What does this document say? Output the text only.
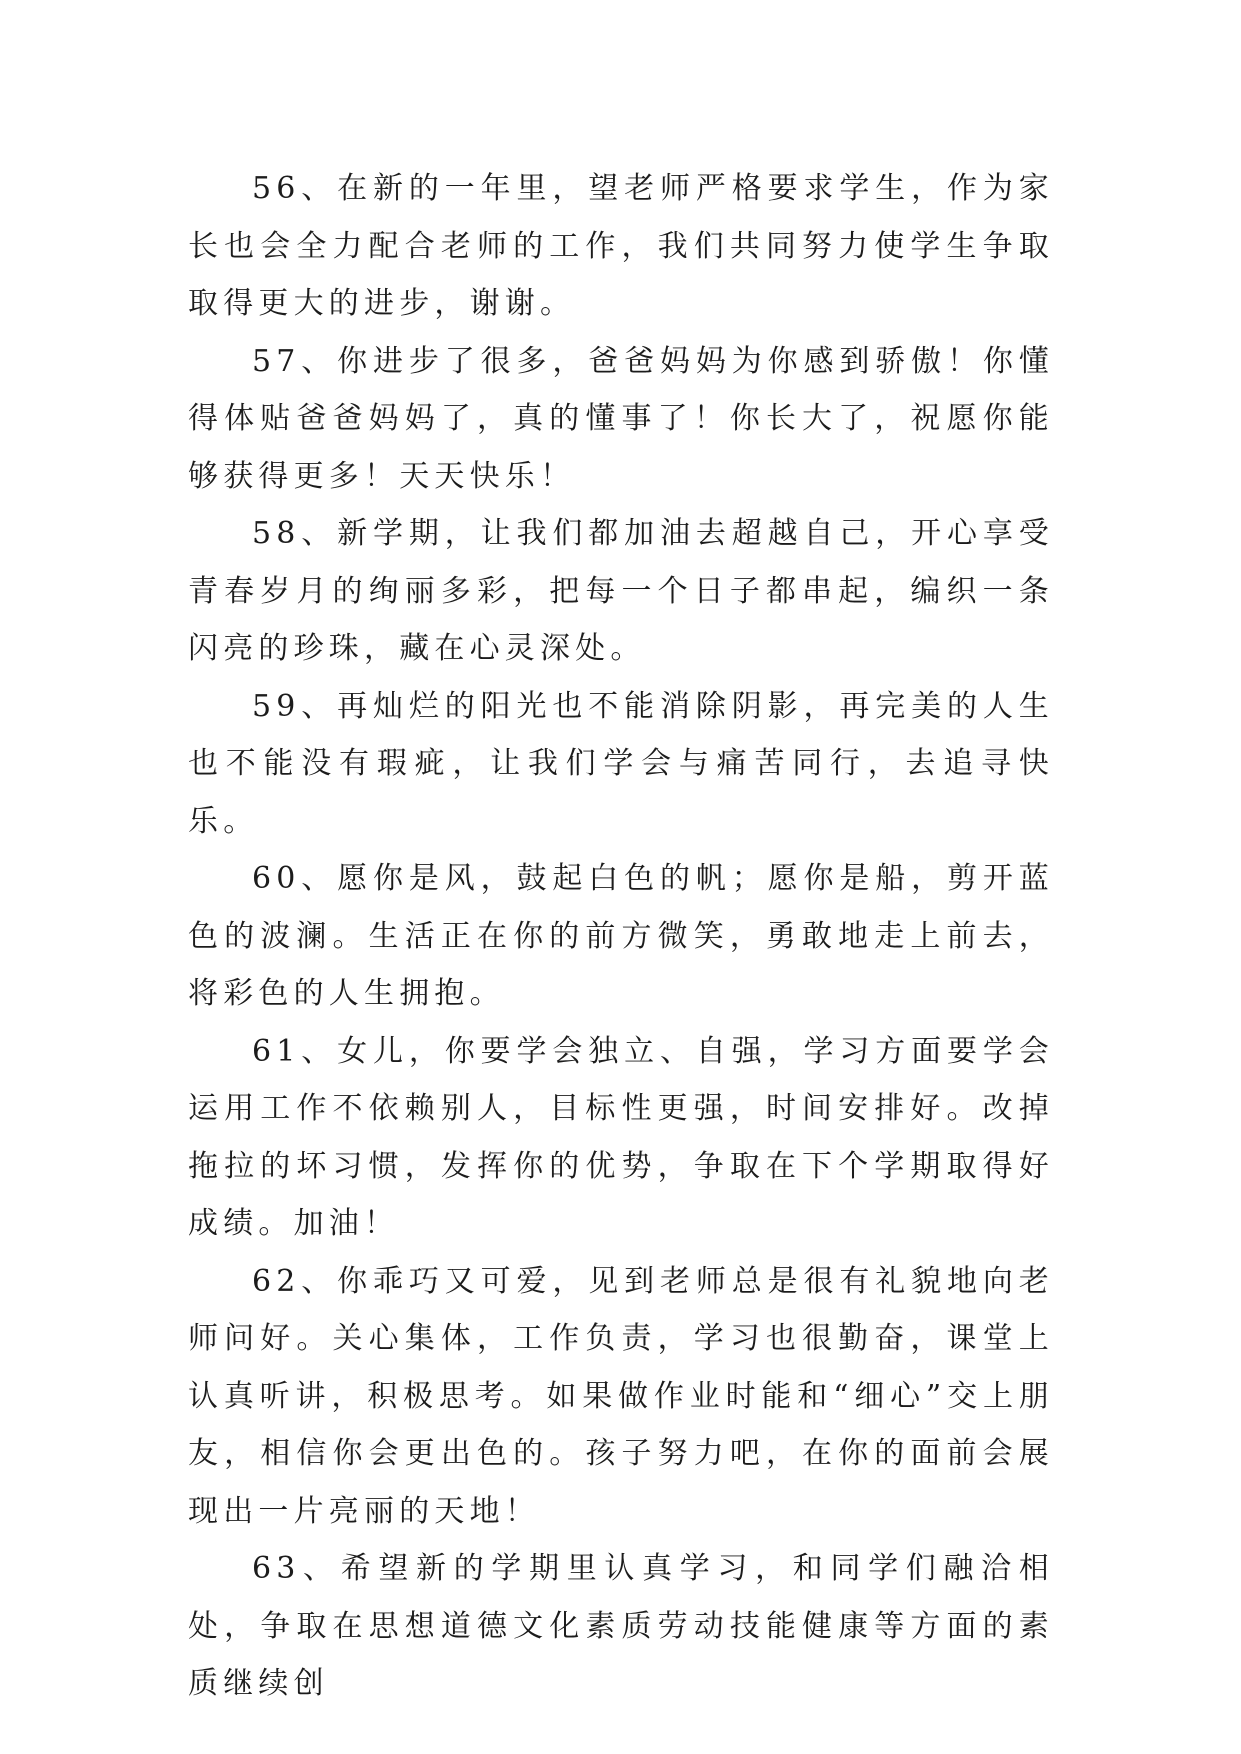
56、在新的一年里，望老师严格要求学生，作为家长也会全力配合老师的工作，我们共同努力使学生争取取得更大的进步，谢谢。

57、你进步了很多，爸爸妈妈为你感到骄傲！你懂得体贴爸爸妈妈了，真的懂事了！你长大了，祝愿你能够获得更多！天天快乐！

58、新学期，让我们都加油去超越自己，开心享受青春岁月的绚丽多彩，把每一个日子都串起，编织一条闪亮的珍珠，藏在心灵深处。

59、再灿烂的阳光也不能消除阴影，再完美的人生也不能没有瑕疵，让我们学会与痛苦同行，去追寻快乐。

60、愿你是风，鼓起白色的帆；愿你是船，剪开蓝色的波澜。生活正在你的前方微笑，勇敢地走上前去，将彩色的人生拥抱。

61、女儿，你要学会独立、自强，学习方面要学会运用工作不依赖别人，目标性更强，时间安排好。改掉拖拉的坏习惯，发挥你的优势，争取在下个学期取得好成绩。加油！

62、你乖巧又可爱，见到老师总是很有礼貌地向老师问好。关心集体，工作负责，学习也很勤奋，课堂上认真听讲，积极思考。如果做作业时能和“细心”交上朋友，相信你会更出色的。孩子努力吧，在你的面前会展现出一片亮丽的天地！

63、希望新的学期里认真学习，和同学们融洽相处，争取在思想道德文化素质劳动技能健康等方面的素质继续创
